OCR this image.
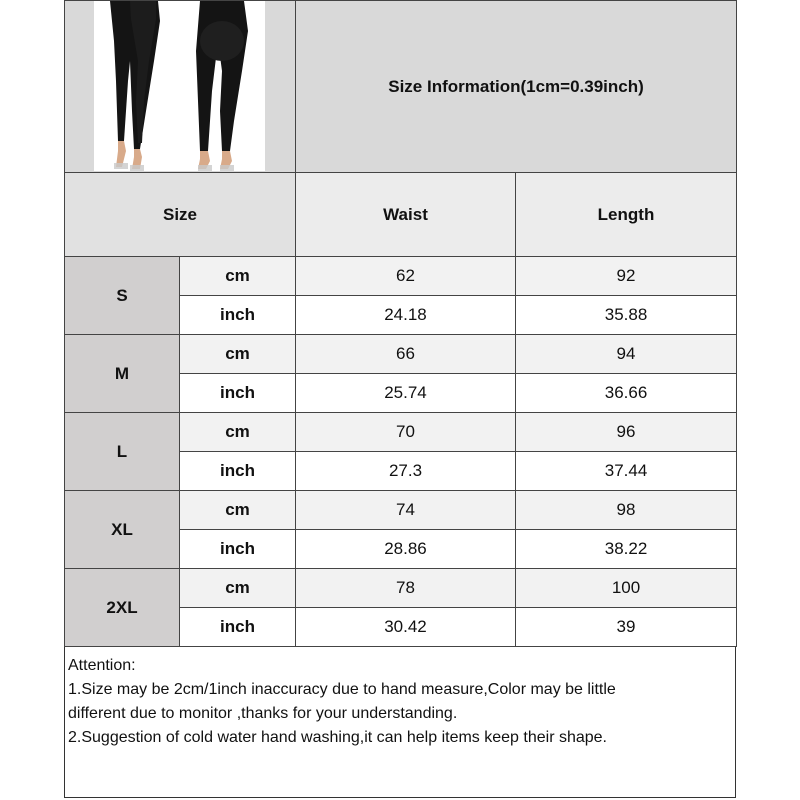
	Size Information(1cm=0.39inch)	
Size		Waist	Length
S	cm	62	92
	inch	24.18	35.88
M	cm	66	94
	inch	25.74	36.66
L	cm	70	96
	inch	27.3	37.44
XL	cm	74	98
	inch	28.86	38.22
2XL	cm	78	100
	inch	30.42	39
Attention:
1.Size may be 2cm/1inch inaccuracy due to hand measure,Color may be little
different due to monitor ,thanks for your understanding.
2.Suggestion of cold water hand washing,it can help items keep their shape.
